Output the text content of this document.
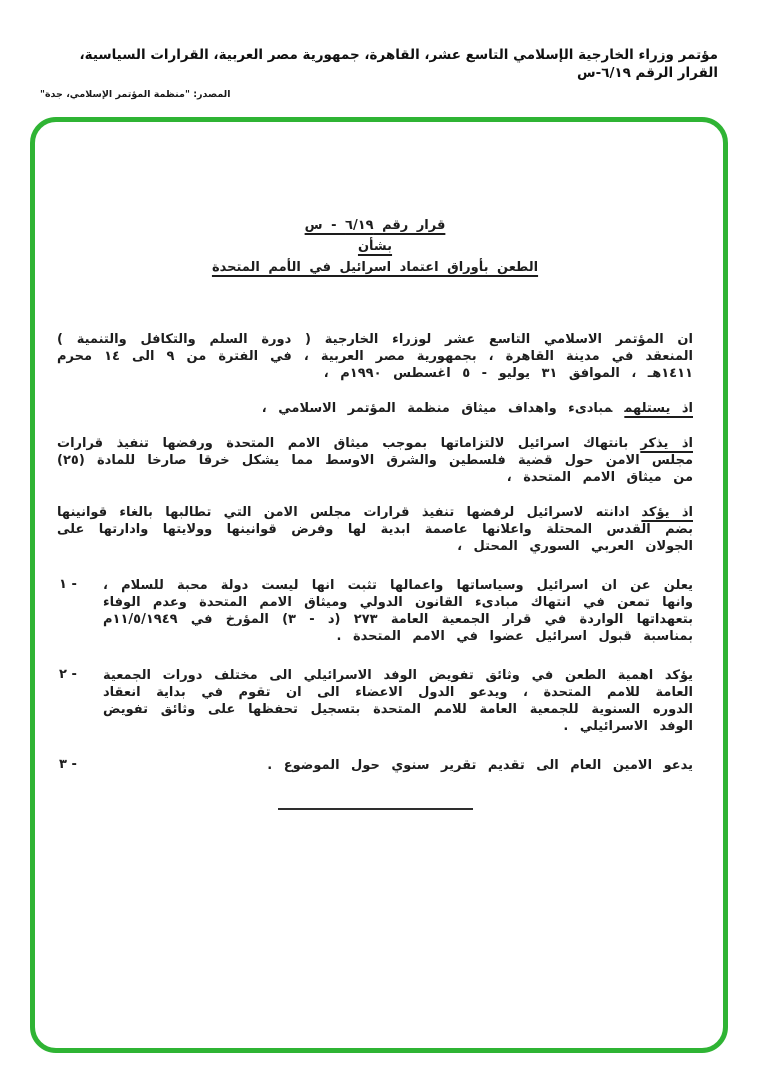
مؤتمر وزراء الخارجية الإسلامي التاسع عشر، القاهرة، جمهورية مصر العربية، القرارات السياسية، القرار الرقم ٦/١٩-س
المصدر: "منظمة المؤتمر الإسلامي، جدة"
قرار رقم ٦/١٩ - س
بشأن
الطعن بأوراق اعتماد اسرائيل في الأمم المتحدة

ان المؤتمر الاسلامي التاسع عشر لوزراء الخارجية ( دورة السلم والتكافل والتنمية ) المنعقد في مدينة القاهرة ، بجمهورية مصر العربية ، في الفترة من ٩ الى ١٤ محرم ١٤١١هـ ، الموافق ٣١ يوليو - ٥ اغسطس ١٩٩٠م ،

اذ يستلهممبادىء واهداف ميثاق منظمة المؤتمر الاسلامي ،

اذ يذكربانتهاك اسرائيل لالتزاماتها بموجب ميثاق الامم المتحدة ورفضها تنفيذ قرارات مجلس الامن حول قضية فلسطين والشرق الاوسط مما يشكل خرقا صارخا للمادة (٢٥) من ميثاق الامم المتحدة ،

اذ يؤكدادانته لاسرائيل لرفضها تنفيذ قرارات مجلس الامن التي تطالبها بالغاء قوانينها بضم القدس المحتلة واعلانها عاصمة ابدية لها وفرض قوانينها وولايتها وادارتها على الجولان العربي السوري المحتل ،

١ -	يعلن عن ان اسرائيل وسياساتها واعمالها تثبت انها ليست دولة محبة للسلام ، وانها تمعن في انتهاك مبادىء القانون الدولي وميثاق الامم المتحدة وعدم الوفاء بتعهداتها الواردة في قرار الجمعية العامة ٢٧٣ (د - ٣) المؤرخ في ١١/٥/١٩٤٩م بمناسبة قبول اسرائيل عضوا في الامم المتحدة .
٢ -	يؤكد اهمية الطعن في وثائق تفويض الوفد الاسرائيلي الى مختلف دورات الجمعية العامة للامم المتحدة ، ويدعو الدول الاعضاء الى ان تقوم في بداية انعقاد الدوره السنوية للجمعية العامة للامم المتحدة بتسجيل تحفظها على وثائق تفويض الوفد الاسرائيلي .
٣ -	يدعو الامين العام الى تقديم تقرير سنوي حول الموضوع .
